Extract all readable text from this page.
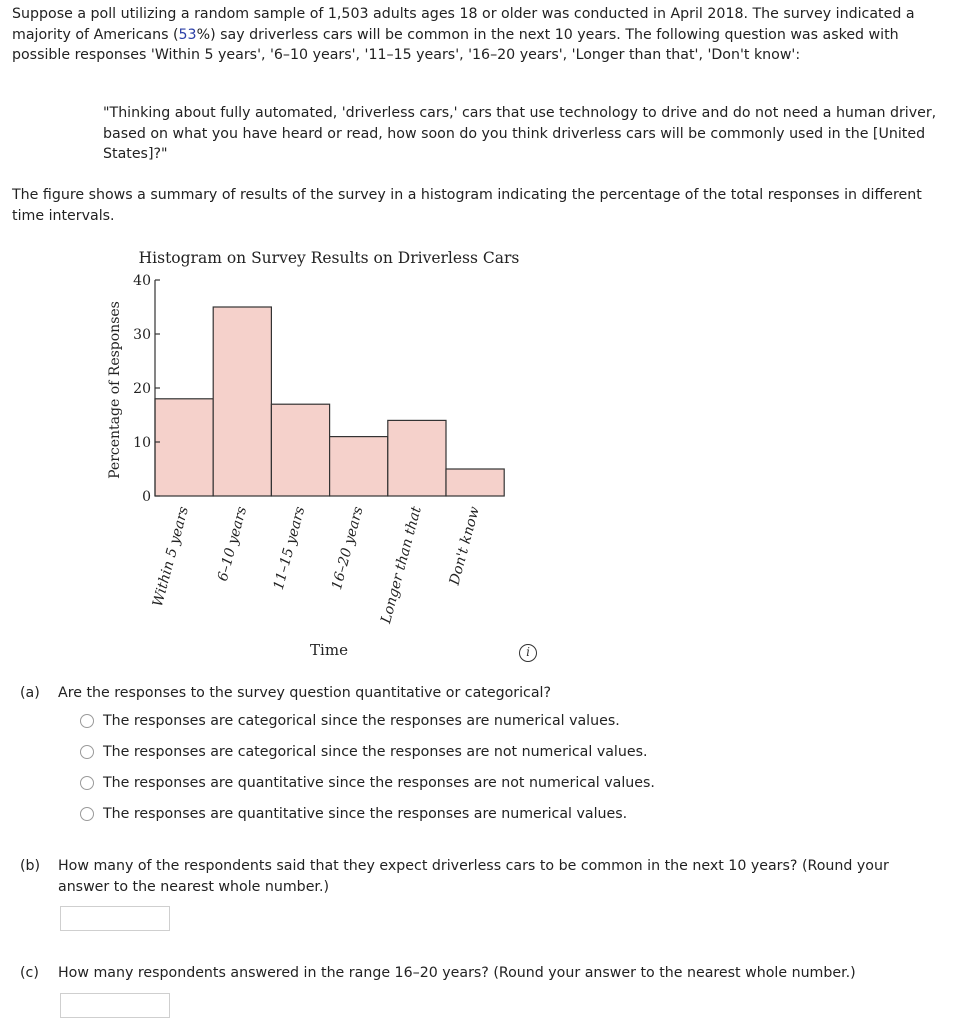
Suppose a poll utilizing a random sample of 1,503 adults ages 18 or older was conducted in April 2018. The survey indicated a majority of Americans (53%) say driverless cars will be common in the next 10 years. The following question was asked with possible responses 'Within 5 years', '6–10 years', '11–15 years', '16–20 years', 'Longer than that', 'Don't know':

"Thinking about fully automated, 'driverless cars,' cars that use technology to drive and do not need a human driver, based on what you have heard or read, how soon do you think driverless cars will be commonly used in the [United States]?"

The figure shows a summary of results of the survey in a histogram indicating the percentage of the total responses in different time intervals.

Histogram on Survey Results on Driverless Cars
Percentage of Responses
Time
Within 5 years 6–10 years 11–15 years 16–20 years Longer than that Don't know
0
10
20
30
40
i
(a) Are the responses to the survey question quantitative or categorical?
The responses are categorical since the responses are numerical values.
The responses are categorical since the responses are not numerical values.
The responses are quantitative since the responses are not numerical values.
The responses are quantitative since the responses are numerical values.
(b) How many of the respondents said that they expect driverless cars to be common in the next 10 years? (Round your answer to the nearest whole number.)
(c) How many respondents answered in the range 16–20 years? (Round your answer to the nearest whole number.)
